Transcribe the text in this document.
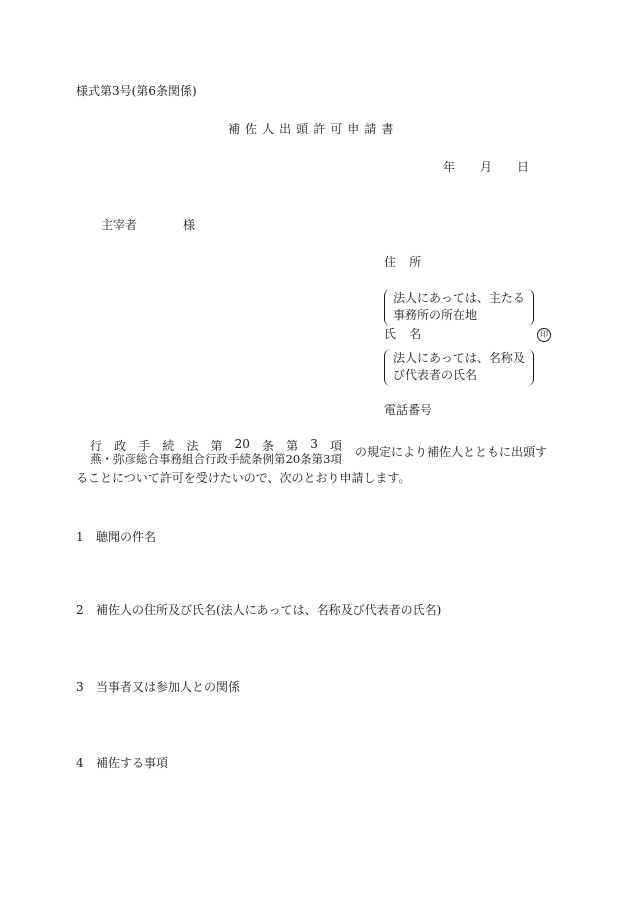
様式第3号(第6条関係)
補佐人出頭許可申請書
年 月 日
主宰者	様
住所
法人にあっては、主たる
事務所の所在地
氏名	印
法人にあっては、名称及
び代表者の氏名
電話番号
行 政 手 続 法 第 20 条 第 3 項
燕・弥彦総合事務組合行政手続条例第20条第3項 の規定により補佐人とともに出頭す
ることについて許可を受けたいので、次のとおり申請します。
1 聴聞の件名
2 補佐人の住所及び氏名(法人にあっては、名称及び代表者の氏名)
3 当事者又は参加人との関係
4 補佐する事項
